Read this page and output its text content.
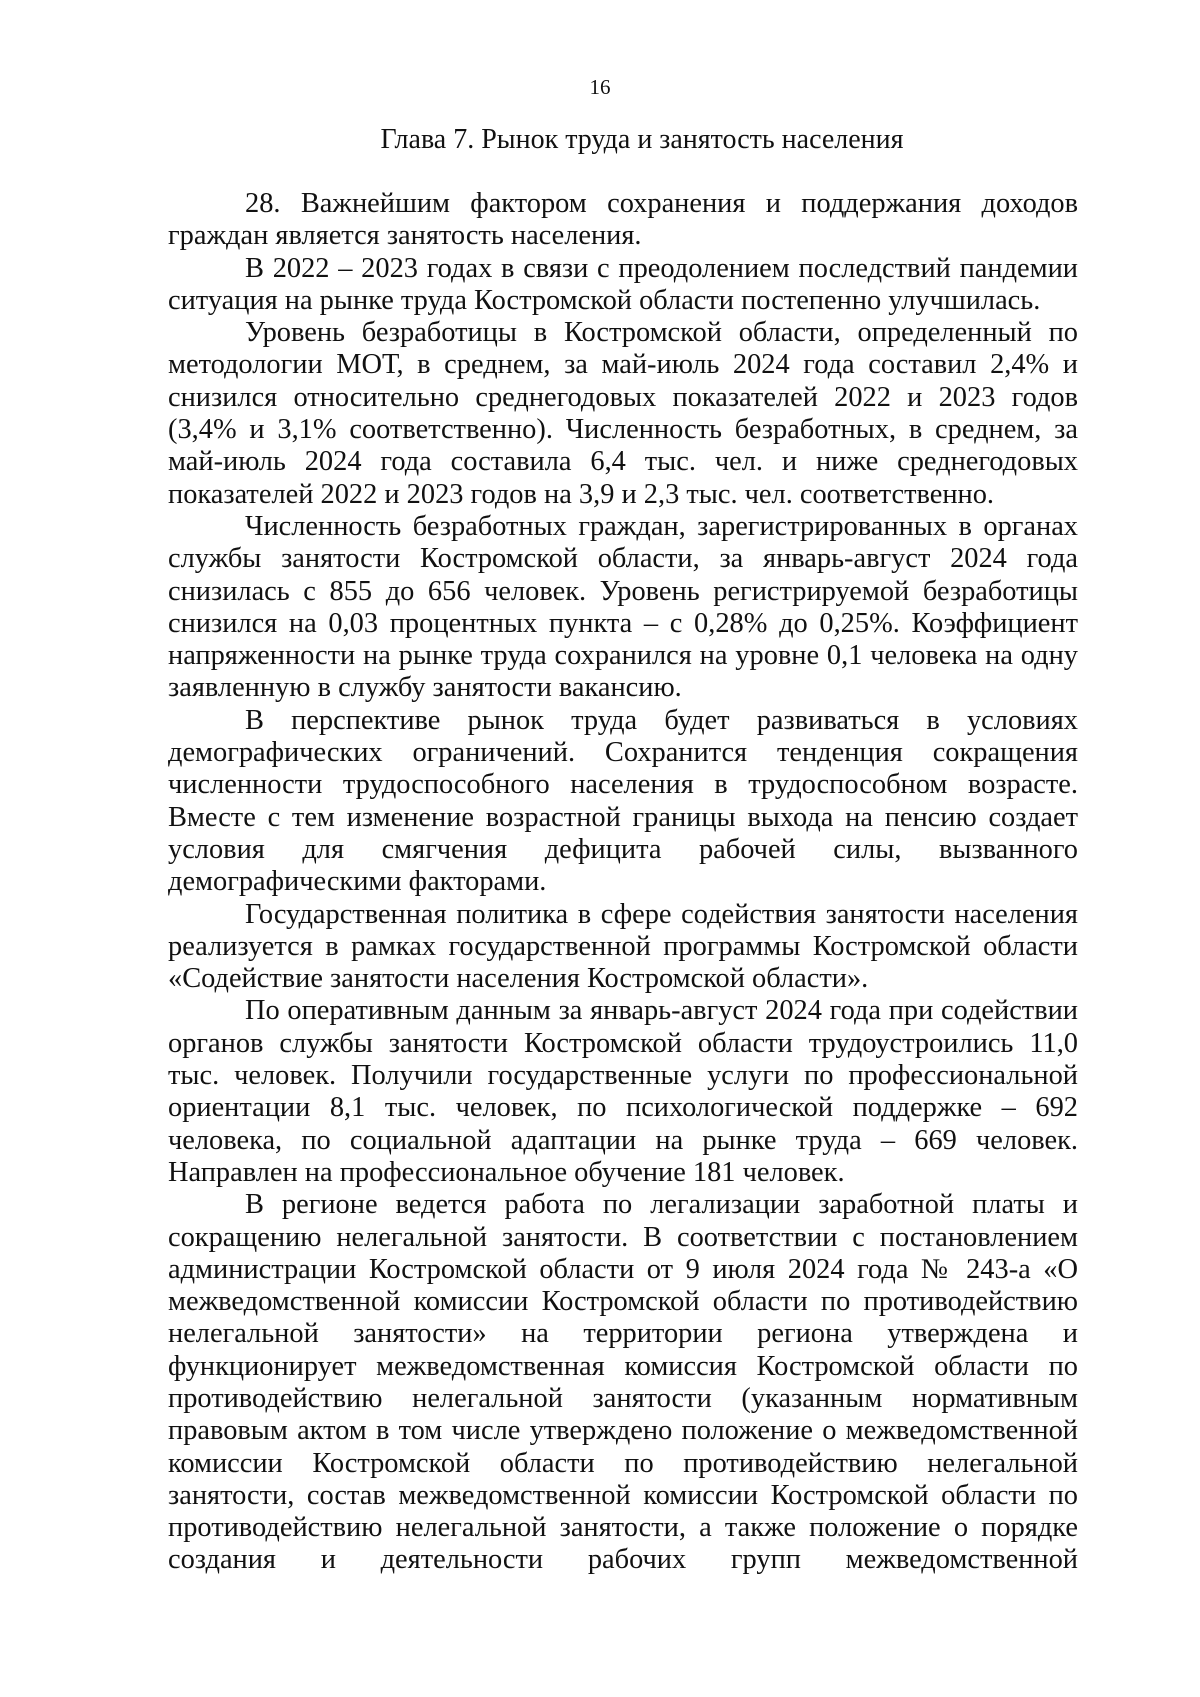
16
Глава 7. Рынок труда и занятость населения

28. Важнейшим фактором сохранения и поддержания доходов граждан является занятость населения.

В 2022 – 2023 годах в связи с преодолением последствий пандемии ситуация на рынке труда Костромской области постепенно улучшилась.

Уровень безработицы в Костромской области, определенный по методологии МОТ, в среднем, за май-июль 2024 года составил 2,4% и снизился относительно среднегодовых показателей 2022 и 2023 годов (3,4% и 3,1% соответственно). Численность безработных, в среднем, за май-июль 2024 года составила 6,4 тыс. чел. и ниже среднегодовых показателей 2022 и 2023 годов на 3,9 и 2,3 тыс. чел. соответственно.

Численность безработных граждан, зарегистрированных в органах службы занятости Костромской области, за январь-август 2024 года снизилась с 855 до 656 человек. Уровень регистрируемой безработицы снизился на 0,03 процентных пункта – с 0,28% до 0,25%. Коэффициент напряженности на рынке труда сохранился на уровне 0,1 человека на одну заявленную в службу занятости вакансию.

В перспективе рынок труда будет развиваться в условиях демографических ограничений. Сохранится тенденция сокращения численности трудоспособного населения в трудоспособном возрасте. Вместе с тем изменение возрастной границы выхода на пенсию создает условия для смягчения дефицита рабочей силы, вызванного демографическими факторами.

Государственная политика в сфере содействия занятости населения реализуется в рамках государственной программы Костромской области «Содействие занятости населения Костромской области».

По оперативным данным за январь-август 2024 года при содействии органов службы занятости Костромской области трудоустроились 11,0 тыс. человек. Получили государственные услуги по профессиональной ориентации 8,1 тыс. человек, по психологической поддержке – 692 человека, по социальной адаптации на рынке труда – 669 человек. Направлен на профессиональное обучение 181 человек.

В регионе ведется работа по легализации заработной платы и сокращению нелегальной занятости. В соответствии с постановлением администрации Костромской области от 9 июля 2024 года № 243-а «О межведомственной комиссии Костромской области по противодействию нелегальной занятости» на территории региона утверждена и функционирует межведомственная комиссия Костромской области по противодействию нелегальной занятости (указанным нормативным правовым актом в том числе утверждено положение о межведомственной комиссии Костромской области по противодействию нелегальной занятости, состав межведомственной комиссии Костромской области по противодействию нелегальной занятости, а также положение о порядке создания и деятельности рабочих групп межведомственной
